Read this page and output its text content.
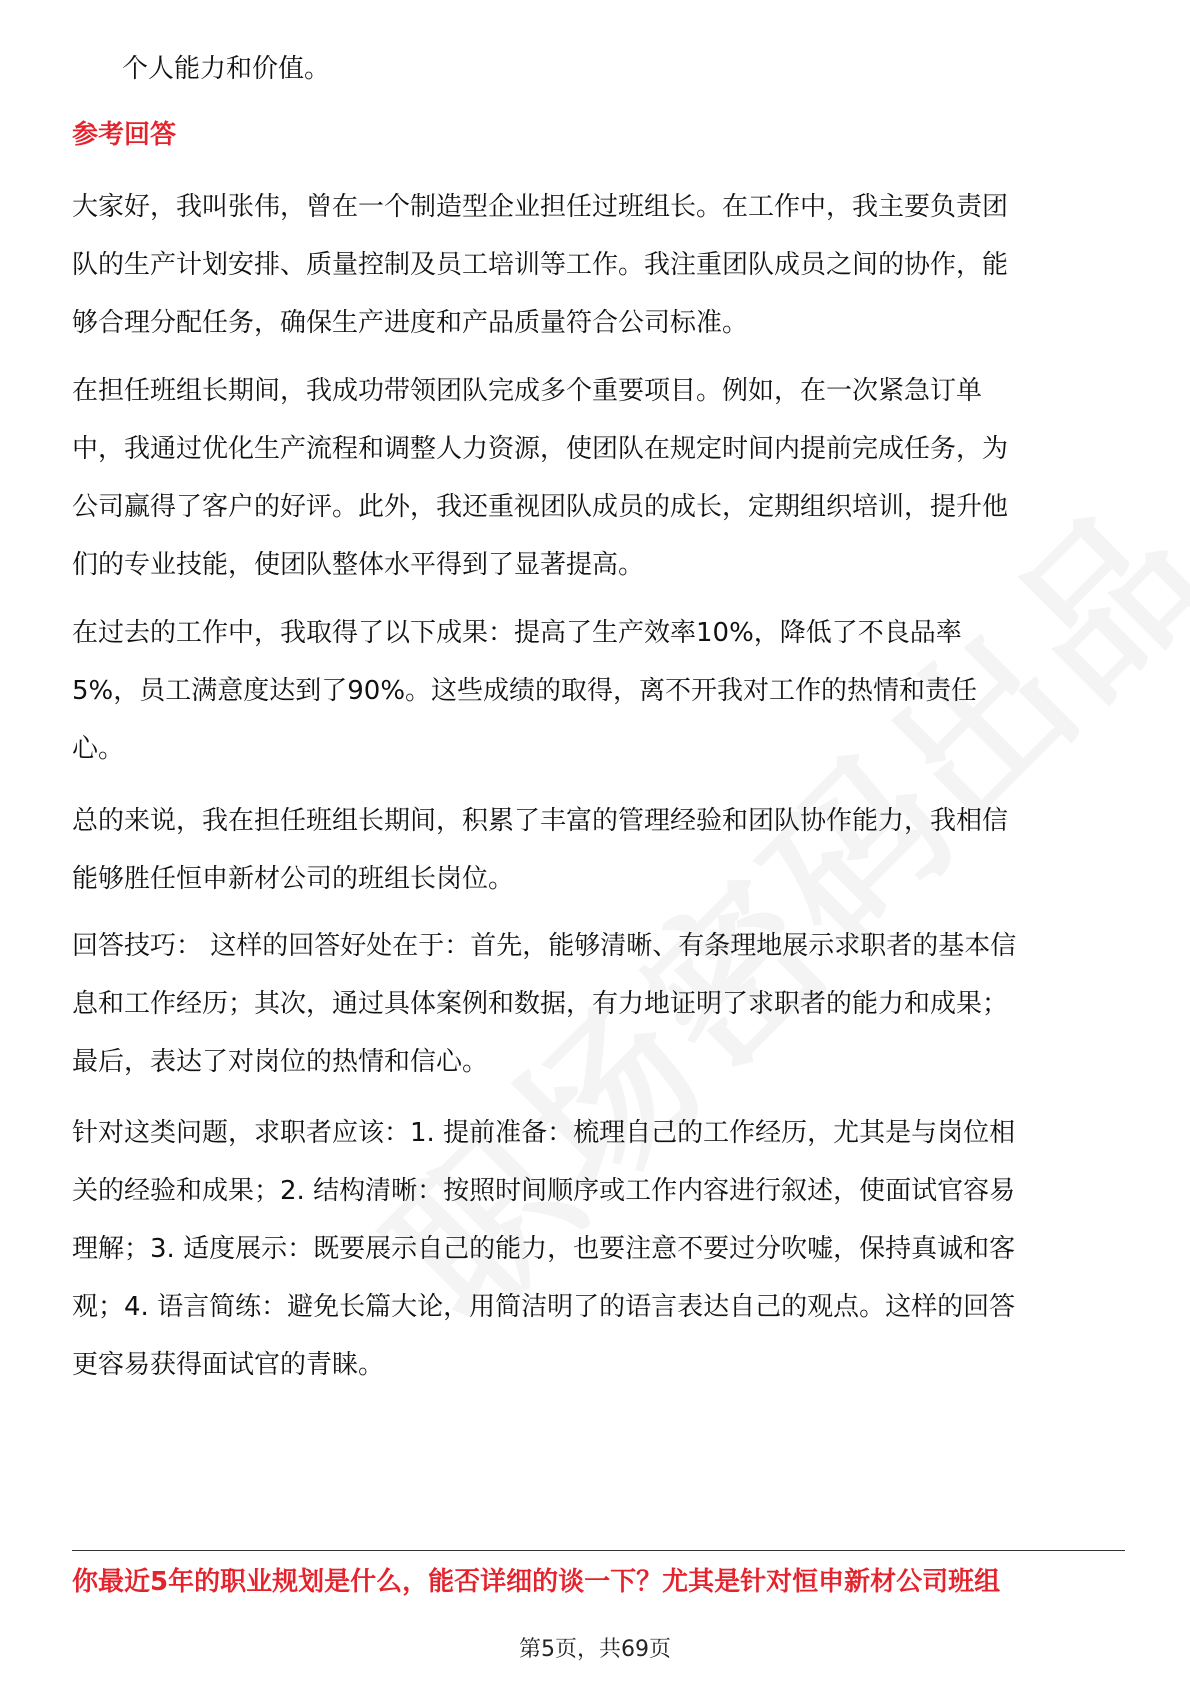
个人能力和价值。
参考回答
大家好，我叫张伟，曾在一个制造型企业担任过班组长。在工作中，我主要负责团
队的生产计划安排、质量控制及员工培训等工作。我注重团队成员之间的协作，能
够合理分配任务，确保生产进度和产品质量符合公司标准。
在担任班组长期间，我成功带领团队完成多个重要项目。例如，在一次紧急订单
中，我通过优化生产流程和调整人力资源，使团队在规定时间内提前完成任务，为
公司赢得了客户的好评。此外，我还重视团队成员的成长，定期组织培训，提升他
们的专业技能，使团队整体水平得到了显著提高。
在过去的工作中，我取得了以下成果：提高了生产效率10%，降低了不良品率
5%，员工满意度达到了90%。这些成绩的取得，离不开我对工作的热情和责任
心。
总的来说，我在担任班组长期间，积累了丰富的管理经验和团队协作能力，我相信
能够胜任恒申新材公司的班组长岗位。
回答技巧： 这样的回答好处在于：首先，能够清晰、有条理地展示求职者的基本信
息和工作经历；其次，通过具体案例和数据，有力地证明了求职者的能力和成果；
最后，表达了对岗位的热情和信心。
针对这类问题，求职者应该：1. 提前准备：梳理自己的工作经历，尤其是与岗位相
关的经验和成果；2. 结构清晰：按照时间顺序或工作内容进行叙述，使面试官容易
理解；3. 适度展示：既要展示自己的能力，也要注意不要过分吹嘘，保持真诚和客
观；4. 语言简练：避免长篇大论，用简洁明了的语言表达自己的观点。这样的回答
更容易获得面试官的青睐。
你最近5年的职业规划是什么，能否详细的谈一下？尤其是针对恒申新材公司班组
第5页，共69页
